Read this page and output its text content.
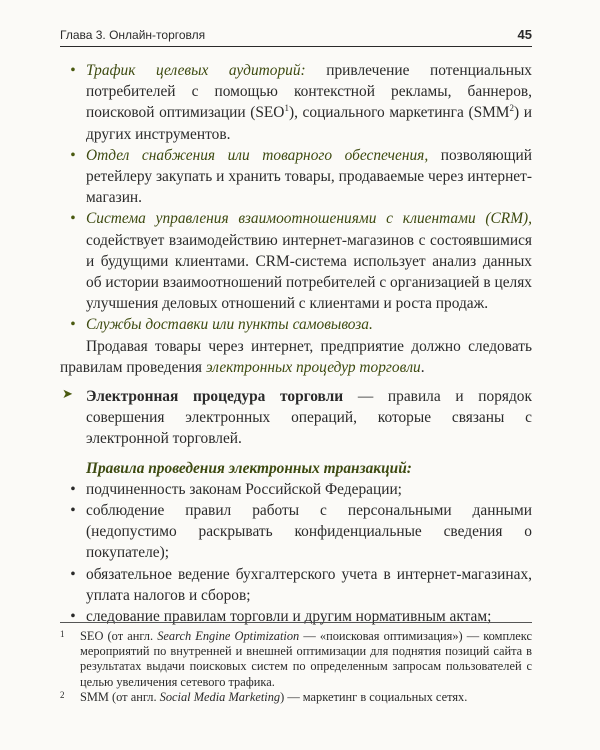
Глава 3. Онлайн-торговля	45
• Трафик целевых аудиторий: привлечение потенциальных потребителей с помощью контекстной рекламы, баннеров, поисковой оптимизации (SEO$^1$), социального маркетинга (SMM$^2$) и других инструментов.
• Отдел снабжения или товарного обеспечения, позволяющий ретейлеру закупать и хранить товары, продаваемые через интернет-магазин.
• Система управления взаимоотношениями с клиентами (CRM), содействует взаимодействию интернет-магазинов с состоявшимися и будущими клиентами. CRM-система использует анализ данных об истории взаимоотношений потребителей с организацией в целях улучшения деловых отношений с клиентами и роста продаж.
• Службы доставки или пункты самовывоза.

Продавая товары через интернет, предприятие должно следовать правилам проведения электронных процедур торговли.

➤ Электронная процедура торговли — правила и порядок совершения электронных операций, которые связаны с электронной торговлей.
Правила проведения электронных транзакций:
• подчиненность законам Российской Федерации;
• соблюдение правил работы с персональными данными (недопустимо раскрывать конфиденциальные сведения о покупателе);
• обязательное ведение бухгалтерского учета в интернет-магазинах, уплата налогов и сборов;
• следование правилам торговли и другим нормативным актам;
1 SEO (от англ. Search Engine Optimization — «поисковая оптимизация») — комплекс мероприятий по внутренней и внешней оптимизации для поднятия позиций сайта в результатах выдачи поисковых систем по определенным запросам пользователей с целью увеличения сетевого трафика.
2 SMM (от англ. Social Media Marketing) — маркетинг в социальных сетях.
